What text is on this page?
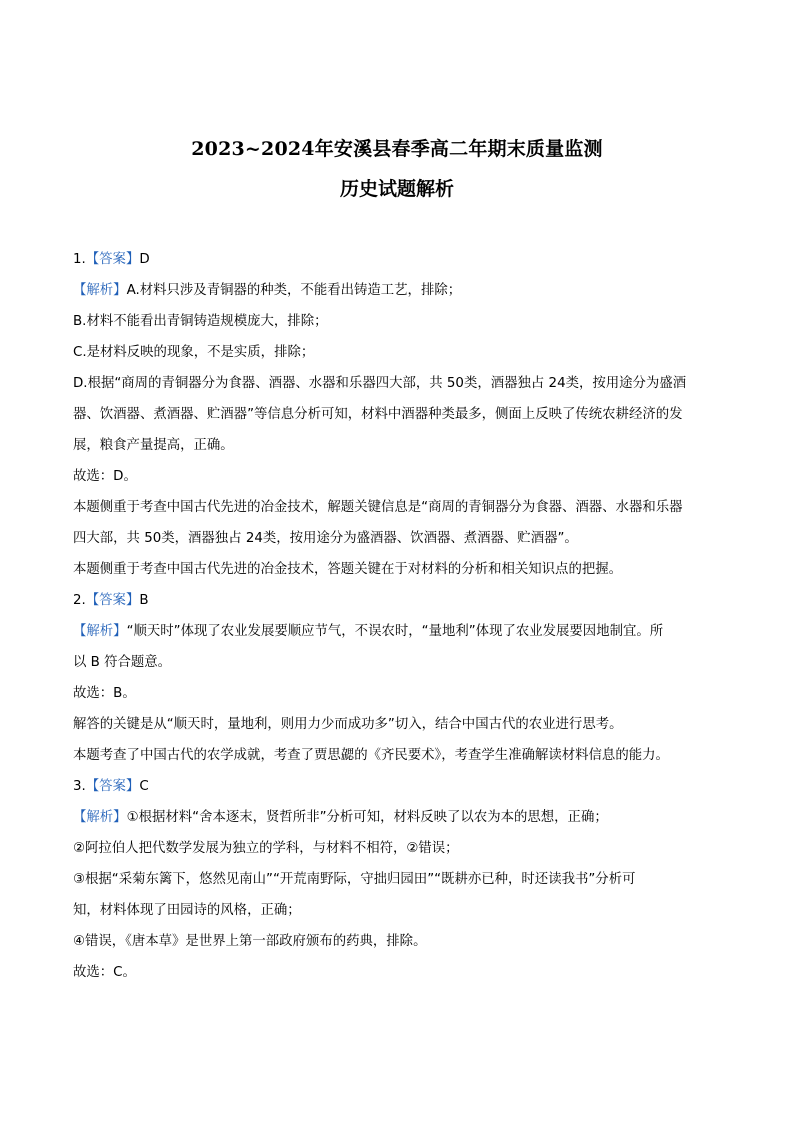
2023~2024年安溪县春季高二年期末质量监测
历史试题解析
1.【答案】D
【解析】A.材料只涉及青铜器的种类，不能看出铸造工艺，排除；
B.材料不能看出青铜铸造规模庞大，排除；
C.是材料反映的现象，不是实质，排除；
D.根据“商周的青铜器分为食器、酒器、水器和乐器四大部，共 50类，酒器独占 24类，按用途分为盛酒
器、饮酒器、煮酒器、贮酒器”等信息分析可知，材料中酒器种类最多，侧面上反映了传统农耕经济的发
展，粮食产量提高，正确。
故选：D。
本题侧重于考查中国古代先进的冶金技术，解题关键信息是“商周的青铜器分为食器、酒器、水器和乐器
四大部，共 50类，酒器独占 24类，按用途分为盛酒器、饮酒器、煮酒器、贮酒器”。
本题侧重于考查中国古代先进的冶金技术，答题关键在于对材料的分析和相关知识点的把握。
2.【答案】B
【解析】“顺天时”体现了农业发展要顺应节气，不误农时，“量地利”体现了农业发展要因地制宜。所
以 B 符合题意。
故选：B。
解答的关键是从“顺天时，量地利，则用力少而成功多”切入，结合中国古代的农业进行思考。
本题考查了中国古代的农学成就，考查了贾思勰的《齐民要术》，考查学生准确解读材料信息的能力。
3.【答案】C
【解析】①根据材料“舍本逐末，贤哲所非”分析可知，材料反映了以农为本的思想，正确；
②阿拉伯人把代数学发展为独立的学科，与材料不相符，②错误；
③根据“采菊东篱下，悠然见南山”“开荒南野际，守拙归园田”“既耕亦已种，时还读我书”分析可
知，材料体现了田园诗的风格，正确；
④错误，《唐本草》是世界上第一部政府颁布的药典，排除。
故选：C。
